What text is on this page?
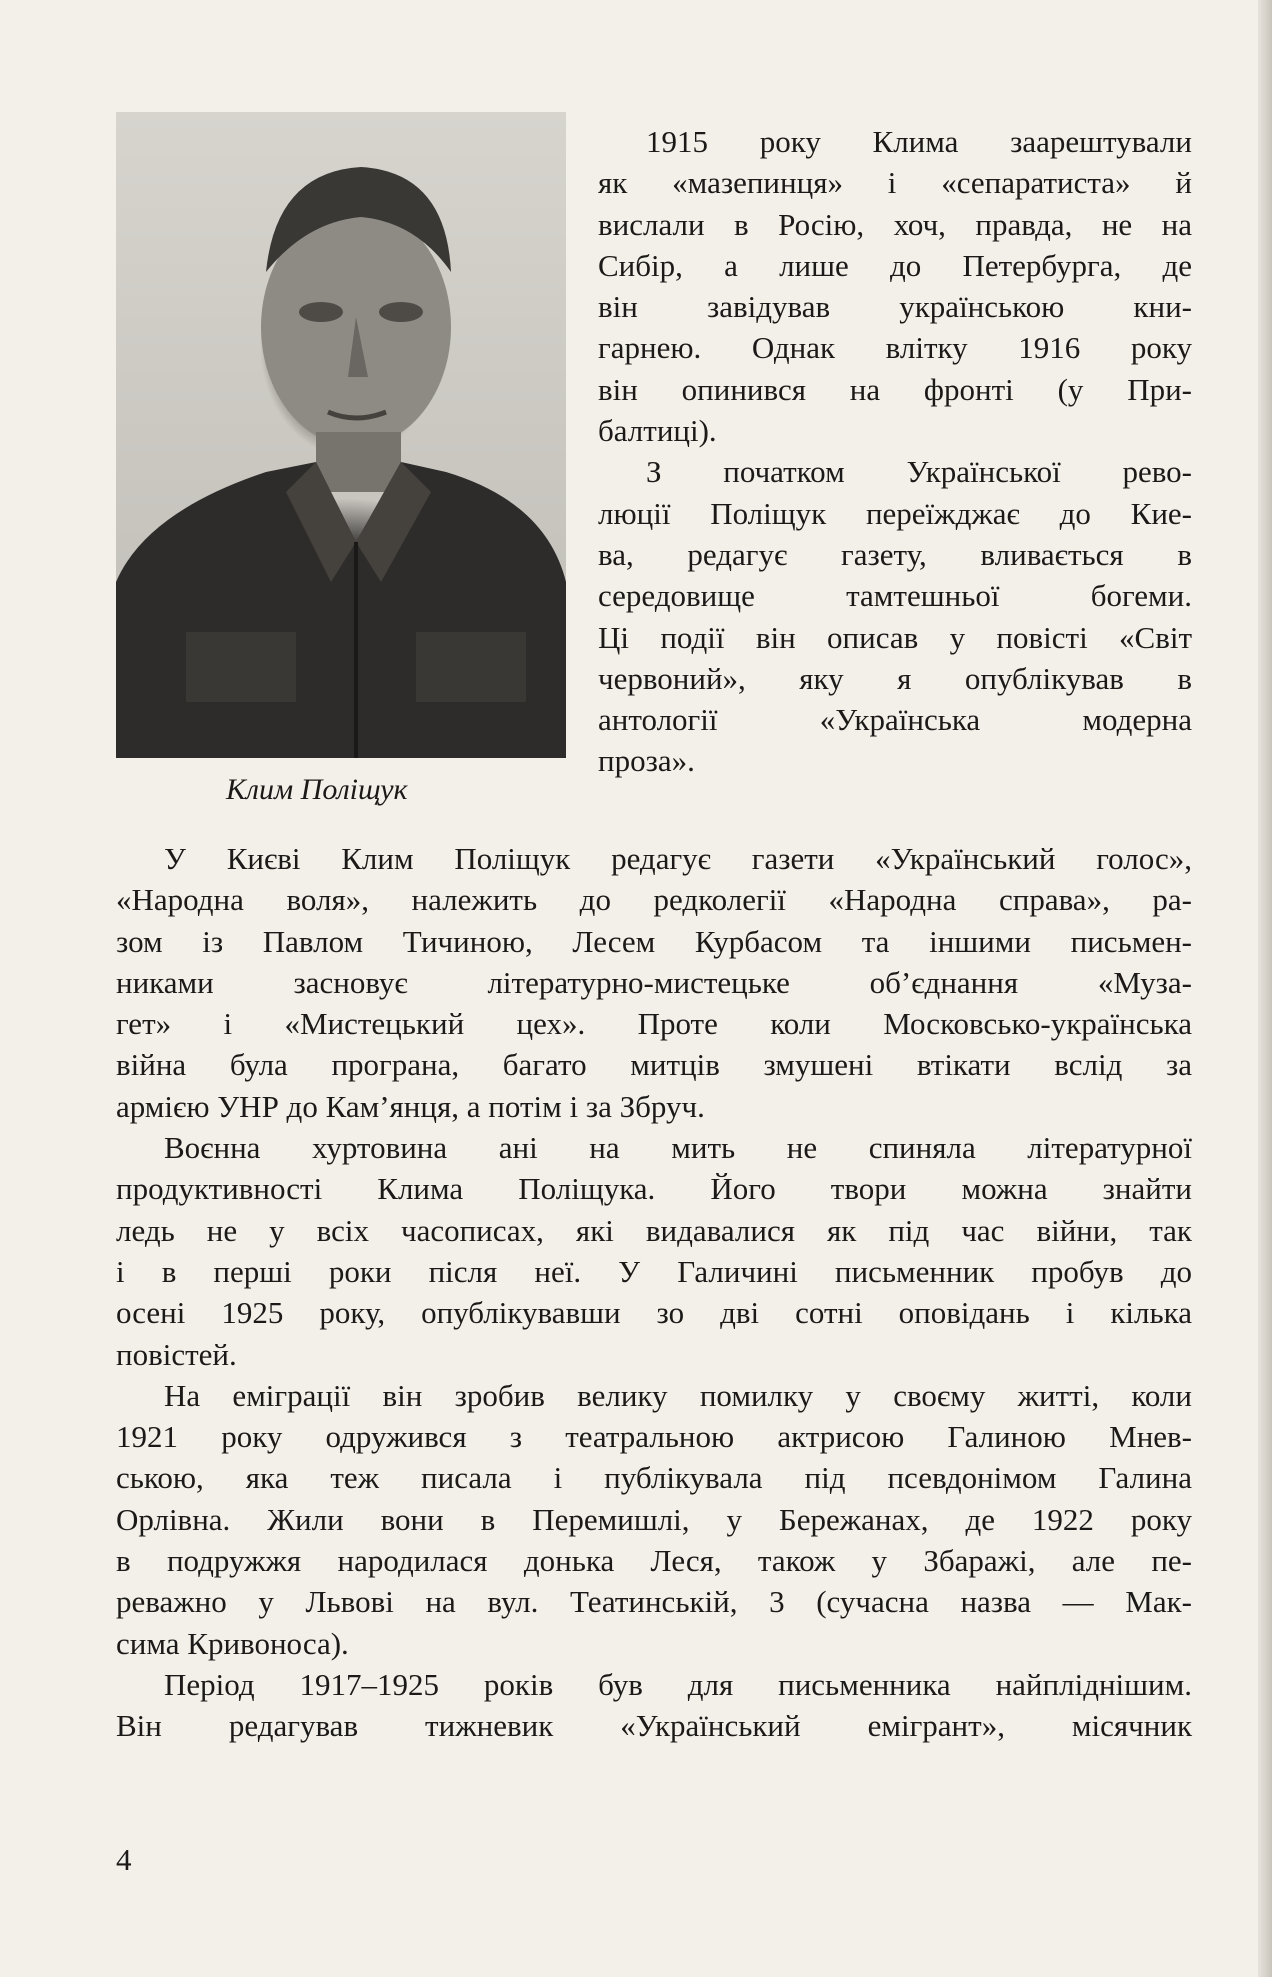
Клим Поліщук
1915 року Клима заарештували
як «мазепинця» і «сепаратиста» й
вислали в Росію, хоч, правда, не на
Сибір, а лише до Петербурга, де
він завідував українською кни-
гарнею. Однак влітку 1916 року
він опинився на фронті (у При-
балтиці).
З початком Української рево-
люції Поліщук переїжджає до Кие-
ва, редагує газету, вливається в
середовище тамтешньої богеми.
Ці події він описав у повісті «Світ
червоний», яку я опублікував в
антології «Українська модерна
проза».
У Києві Клим Поліщук редагує газети «Український голос»,
«Народна воля», належить до редколегії «Народна справа», ра-
зом із Павлом Тичиною, Лесем Курбасом та іншими письмен-
никами засновує літературно-мистецьке об’єднання «Муза-
гет» і «Мистецький цех». Проте коли Московсько-українська
війна була програна, багато митців змушені втікати вслід за
армією УНР до Кам’янця, а потім і за Збруч.
Воєнна хуртовина ані на мить не спиняла літературної
продуктивності Клима Поліщука. Його твори можна знайти
ледь не у всіх часописах, які видавалися як під час війни, так
і в перші роки після неї. У Галичині письменник пробув до
осені 1925 року, опублікувавши зо дві сотні оповідань і кілька
повістей.
На еміграції він зробив велику помилку у своєму житті, коли
1921 року одружився з театральною актрисою Галиною Мнев-
ською, яка теж писала і публікувала під псевдонімом Галина
Орлівна. Жили вони в Перемишлі, у Бережанах, де 1922 року
в подружжя народилася донька Леся, також у Збаражі, але пе-
реважно у Львові на вул. Театинській, 3 (сучасна назва — Мак-
сима Кривоноса).
Період 1917–1925 років був для письменника найпліднішим.
Він редагував тижневик «Український емігрант», місячник
4
